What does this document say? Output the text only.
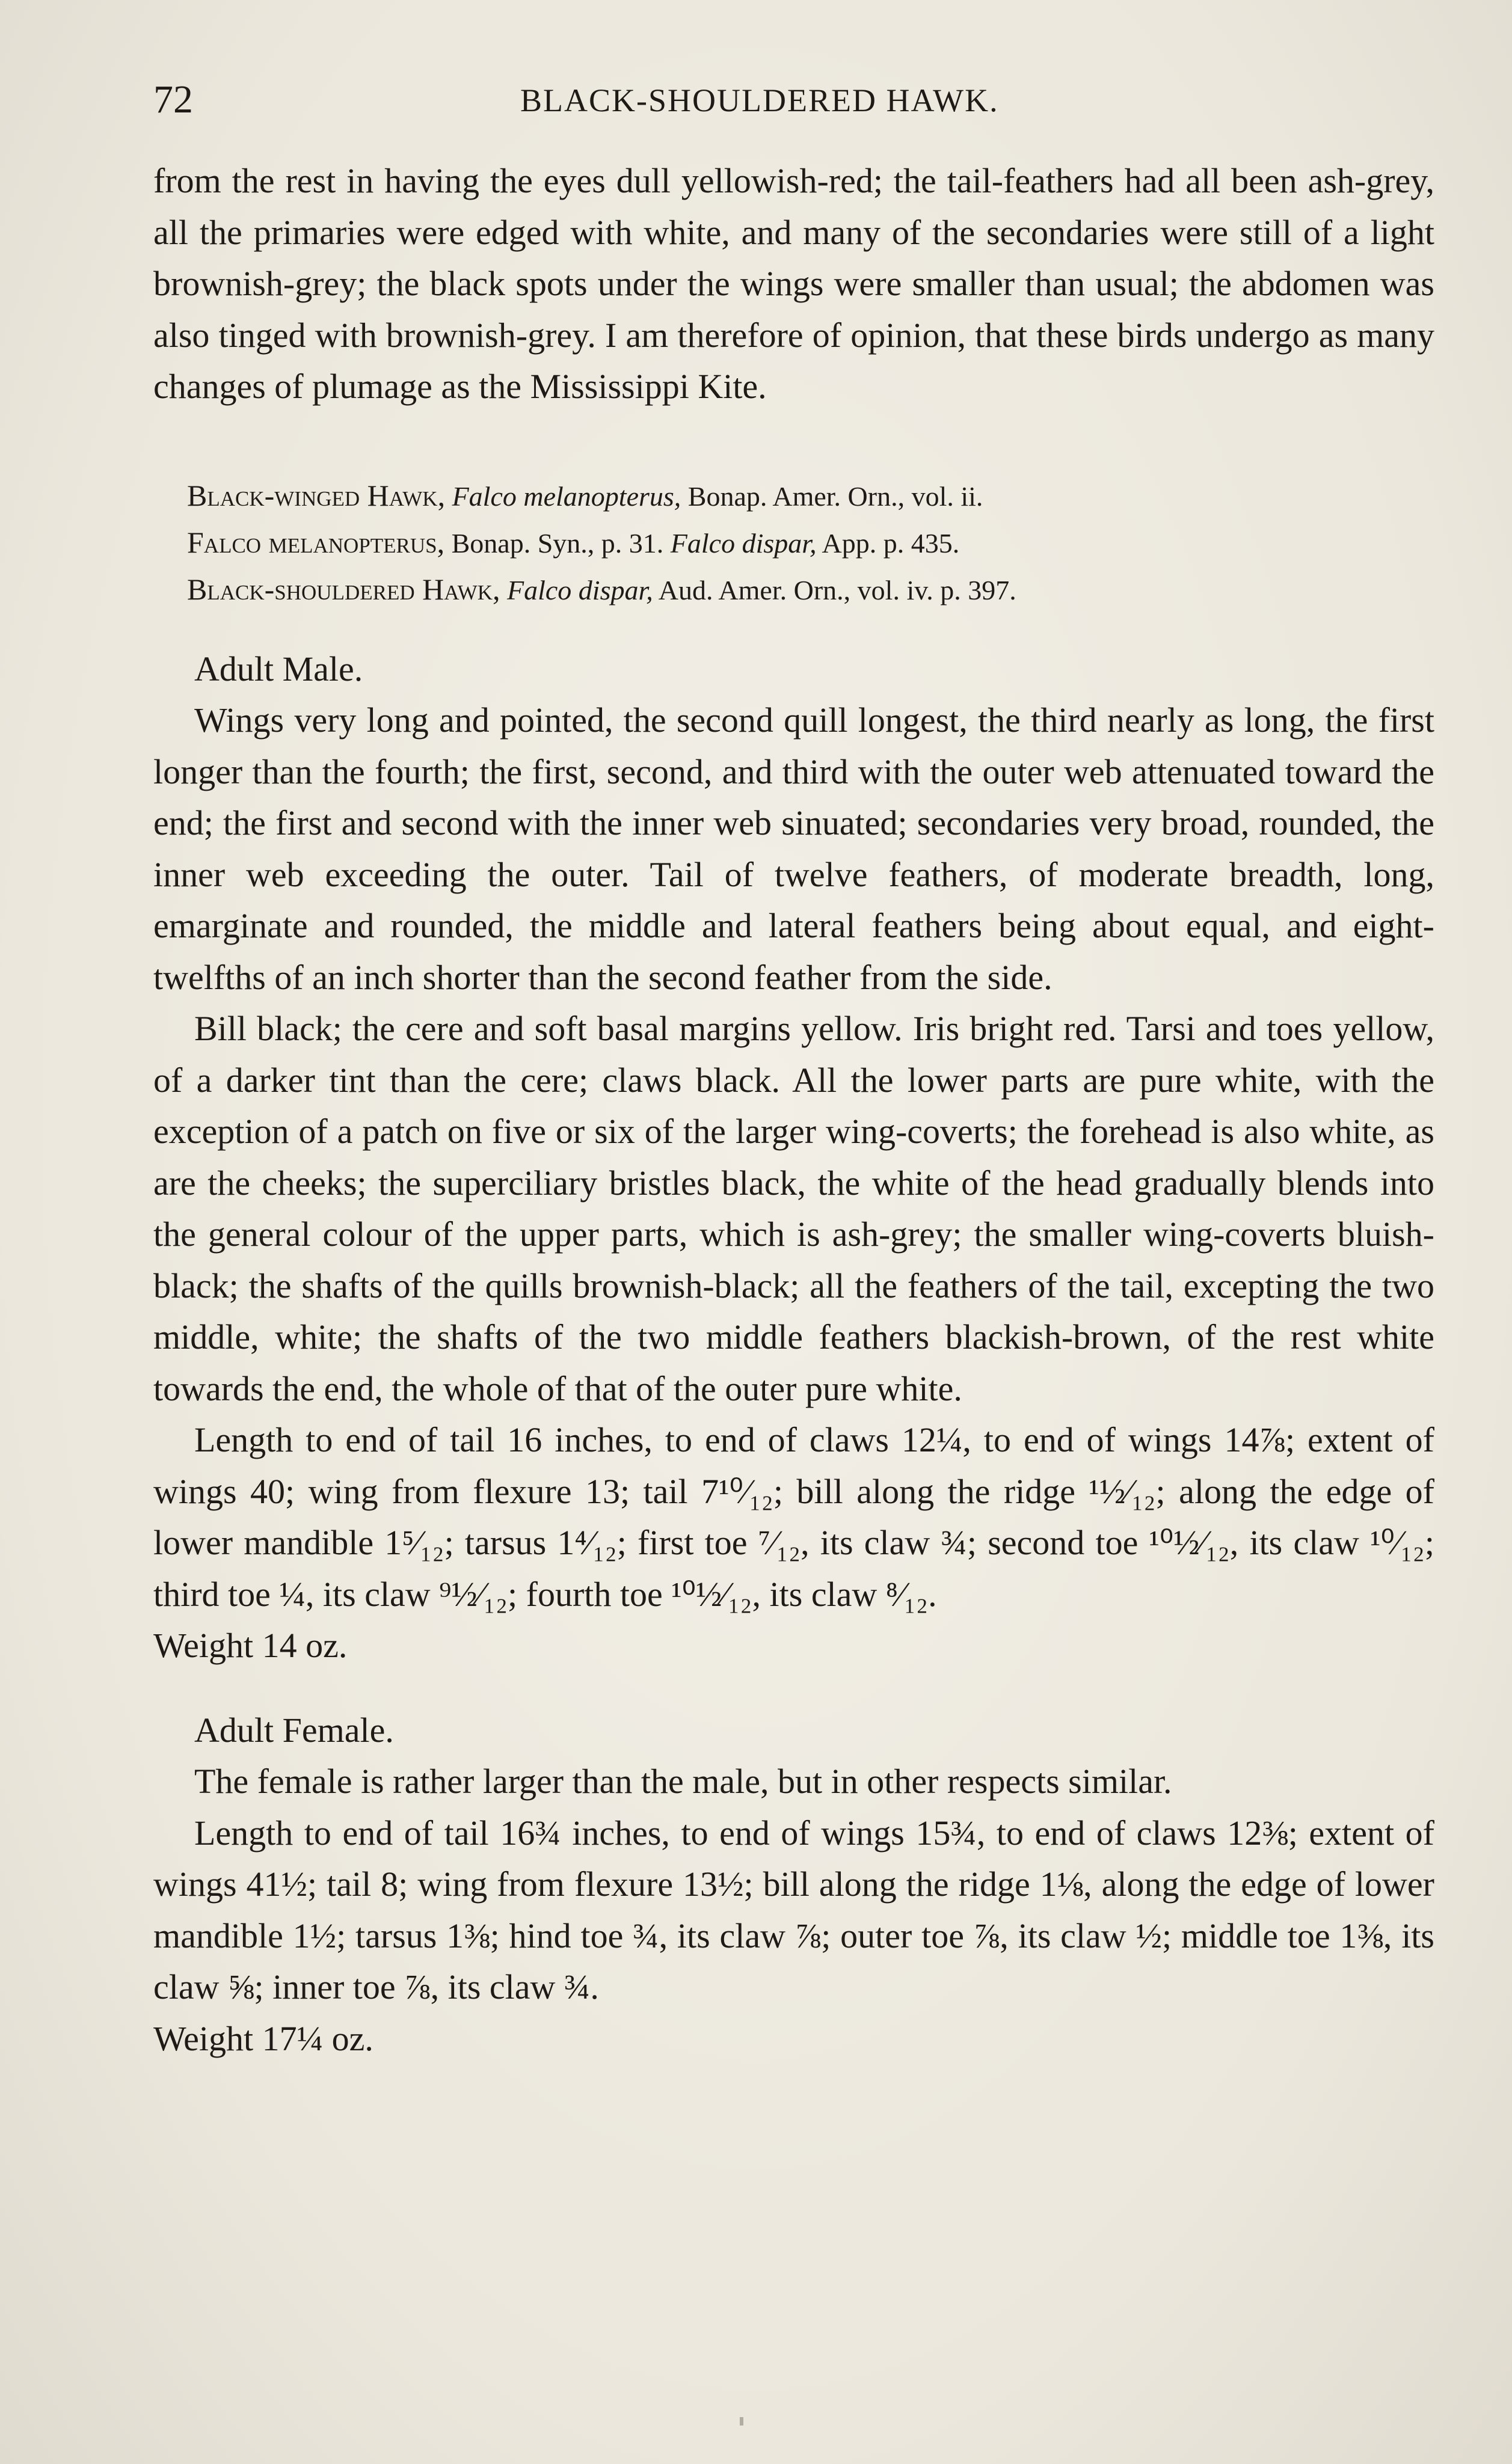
72	BLACK-SHOULDERED HAWK.

from the rest in having the eyes dull yellowish-red; the tail-feathers had all been ash-grey, all the primaries were edged with white, and many of the secondaries were still of a light brownish-grey; the black spots under the wings were smaller than usual; the abdomen was also tinged with brownish-grey. I am therefore of opinion, that these birds undergo as many changes of plumage as the Mississippi Kite.

Black-winged Hawk, Falco melanopterus, Bonap. Amer. Orn., vol. ii.

Falco melanopterus, Bonap. Syn., p. 31. Falco dispar, App. p. 435.

Black-shouldered Hawk, Falco dispar, Aud. Amer. Orn., vol. iv. p. 397.

Adult Male.

Wings very long and pointed, the second quill longest, the third nearly as long, the first longer than the fourth; the first, second, and third with the outer web attenuated toward the end; the first and second with the inner web sinuated; secondaries very broad, rounded, the inner web exceeding the outer. Tail of twelve feathers, of moderate breadth, long, emarginate and rounded, the middle and lateral feathers being about equal, and eight-twelfths of an inch shorter than the second feather from the side.

Bill black; the cere and soft basal margins yellow. Iris bright red. Tarsi and toes yellow, of a darker tint than the cere; claws black. All the lower parts are pure white, with the exception of a patch on five or six of the larger wing-coverts; the forehead is also white, as are the cheeks; the superciliary bristles black, the white of the head gradually blends into the general colour of the upper parts, which is ash-grey; the smaller wing-coverts bluish-black; the shafts of the quills brownish-black; all the feathers of the tail, excepting the two middle, white; the shafts of the two middle feathers blackish-brown, of the rest white towards the end, the whole of that of the outer pure white.

Length to end of tail 16 inches, to end of claws 12¼, to end of wings 14⅞; extent of wings 40; wing from flexure 13; tail 7¹⁰⁄₁₂; bill along the ridge ¹½⁄₁₂; along the edge of lower mandible 1⁵⁄₁₂; tarsus 1⁴⁄₁₂; first toe ⁷⁄₁₂, its claw ¾; second toe ¹⁰½⁄₁₂, its claw ¹⁰⁄₁₂; third toe ¼, its claw ⁹½⁄₁₂; fourth toe ¹⁰½⁄₁₂, its claw ⁸⁄₁₂.

Weight 14 oz.

Adult Female.

The female is rather larger than the male, but in other respects similar.

Length to end of tail 16¾ inches, to end of wings 15¾, to end of claws 12⅜; extent of wings 41½; tail 8; wing from flexure 13½; bill along the ridge 1⅛, along the edge of lower mandible 1½; tarsus 1⅜; hind toe ¾, its claw ⅞; outer toe ⅞, its claw ½; middle toe 1⅜, its claw ⅝; inner toe ⅞, its claw ¾.

Weight 17¼ oz.
